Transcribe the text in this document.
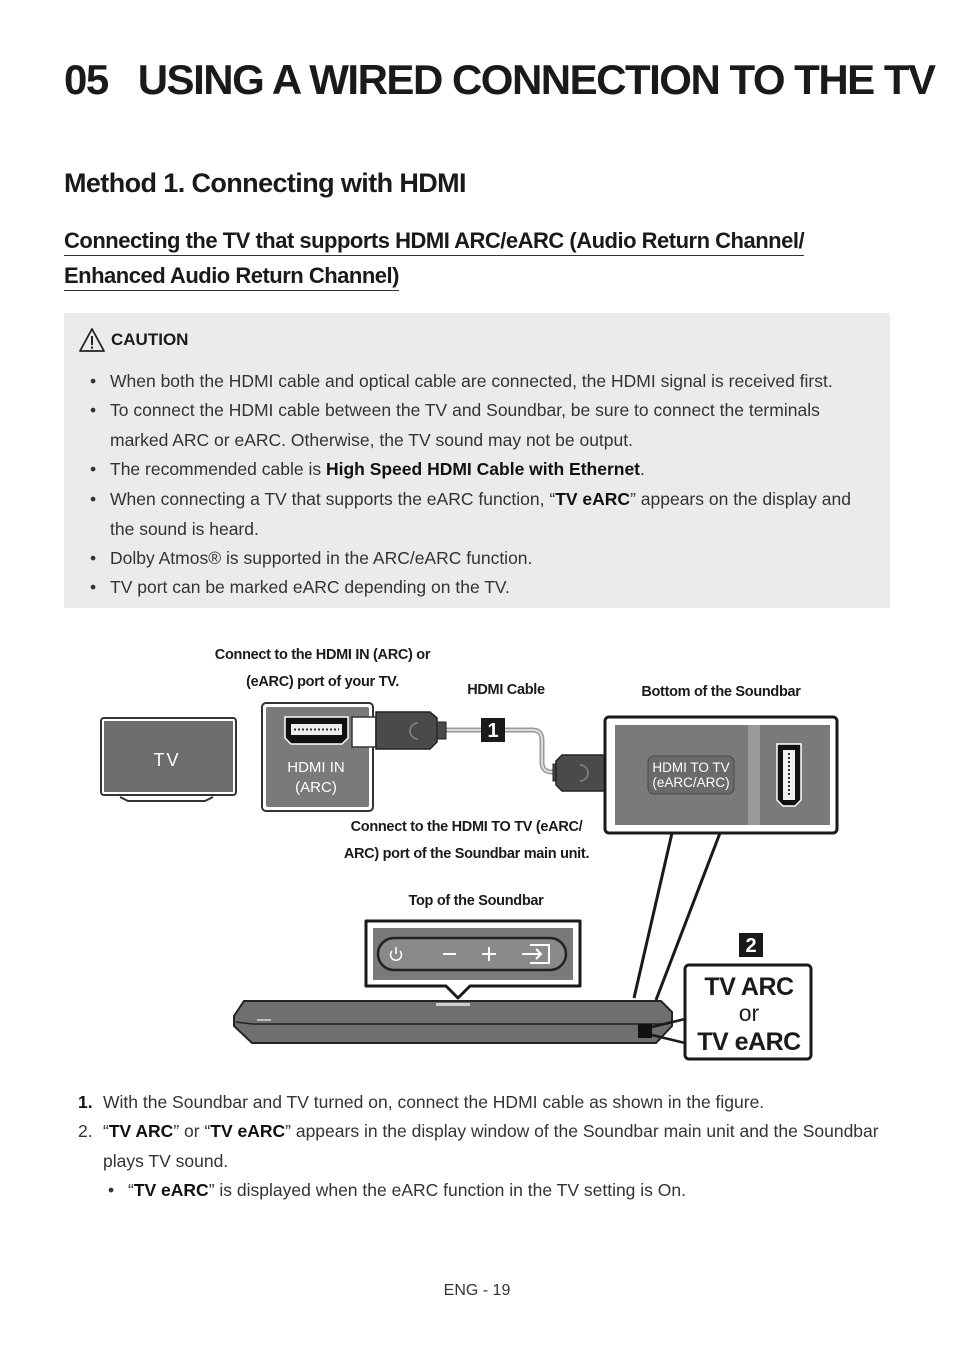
05 USING A WIRED CONNECTION TO THE TV
Method 1. Connecting with HDMI
Connecting the TV that supports HDMI ARC/eARC (Audio Return Channel/
Enhanced Audio Return Channel)
CAUTION
• When both the HDMI cable and optical cable are connected, the HDMI signal is received first.
• To connect the HDMI cable between the TV and Soundbar, be sure to connect the terminals
marked ARC or eARC. Otherwise, the TV sound may not be output.
• The recommended cable is High Speed HDMI Cable with Ethernet.
• When connecting a TV that supports the eARC function, “TV eARC” appears on the display and
the sound is heard.
• Dolby Atmos® is supported in the ARC/eARC function.
• TV port can be marked eARC depending on the TV.
TV	HDMI IN
(ARC)
1
HDMI TO TV
(eARC/ARC)
2
TV ARC
or
TV eARC
Connect to the HDMI IN (ARC) or
(eARC) port of your TV.	HDMI Cable	Bottom of the Soundbar
Connect to the HDMI TO TV (eARC/
ARC) port of the Soundbar main unit.
Top of the Soundbar
1. With the Soundbar and TV turned on, connect the HDMI cable as shown in the figure.
2. “TV ARC” or “TV eARC” appears in the display window of the Soundbar main unit and the Soundbar
plays TV sound.
• “TV eARC” is displayed when the eARC function in the TV setting is On.
ENG - 19
